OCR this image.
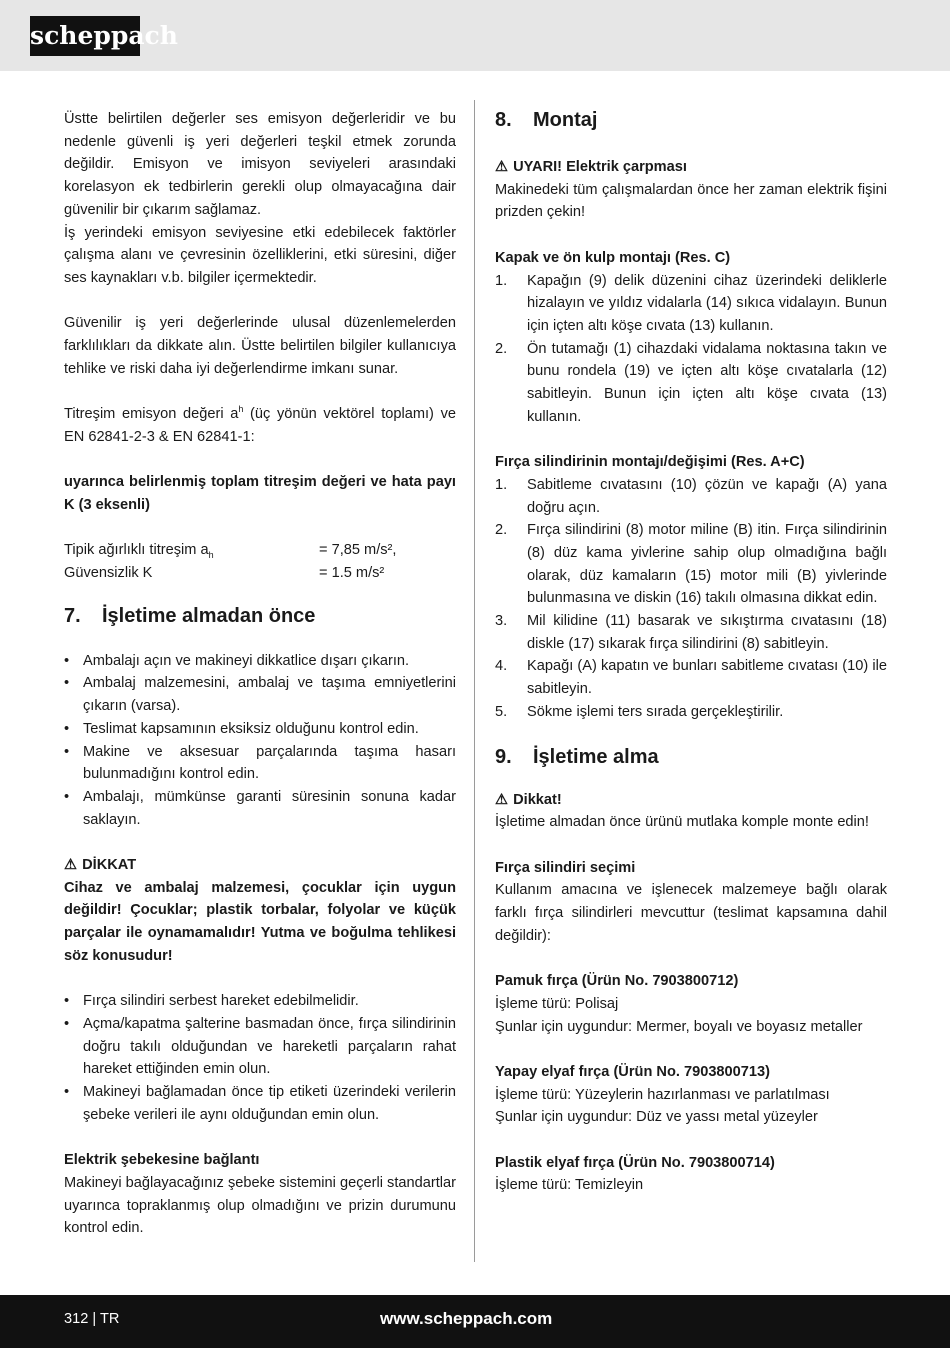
scheppach

Üstte belirtilen değerler ses emisyon değerleridir ve bu nedenle güvenli iş yeri değerleri teşkil etmek zorunda değildir. Emisyon ve imisyon seviyeleri arasındaki korelasyon ek tedbirlerin gerekli olup olmayacağına dair güvenilir bir çıkarım sağlamaz.

İş yerindeki emisyon seviyesine etki edebilecek faktörler çalışma alanı ve çevresinin özelliklerini, etki süresini, diğer ses kaynakları v.b. bilgiler içermektedir.

Güvenilir iş yeri değerlerinde ulusal düzenlemelerden farklılıkları da dikkate alın. Üstte belirtilen bilgiler kullanıcıya tehlike ve riski daha iyi değerlendirme imkanı sunar.

Titreşim emisyon değeri $a^h$ (üç yönün vektörel toplamı) ve EN 62841-2-3 & EN 62841-1:

uyarınca belirlenmiş toplam titreşim değeri ve hata payı K (3 eksenli)

Tipik ağırlıklı titreşim $a_h$	= 7,85 m/s²,
Güvensizlik K	= 1.5 m/s²
7.	İşletime almadan önce
• Ambalajı açın ve makineyi dikkatlice dışarı çıkarın.
• Ambalaj malzemesini, ambalaj ve taşıma emniyetlerini çıkarın (varsa).
• Teslimat kapsamının eksiksiz olduğunu kontrol edin.
• Makine ve aksesuar parçalarında taşıma hasarı bulunmadığını kontrol edin.
• Ambalajı, mümkünse garanti süresinin sonuna kadar saklayın.

⚠ DİKKAT

Cihaz ve ambalaj malzemesi, çocuklar için uygun değildir! Çocuklar; plastik torbalar, folyolar ve küçük parçalar ile oynamamalıdır! Yutma ve boğulma tehlikesi söz konusudur!

• Fırça silindiri serbest hareket edebilmelidir.
• Açma/kapatma şalterine basmadan önce, fırça silindirinin doğru takılı olduğundan ve hareketli parçaların rahat hareket ettiğinden emin olun.
• Makineyi bağlamadan önce tip etiketi üzerindeki verilerin şebeke verileri ile aynı olduğundan emin olun.

Elektrik şebekesine bağlantı

Makineyi bağlayacağınız şebeke sistemini geçerli standartlar uyarınca topraklanmış olup olmadığını ve prizin durumunu kontrol edin.

8.	Montaj

⚠ UYARI! Elektrik çarpması

Makinedeki tüm çalışmalardan önce her zaman elektrik fişini prizden çekin!

Kapak ve ön kulp montajı (Res. C)

1.	Kapağın (9) delik düzenini cihaz üzerindeki deliklerle hizalayın ve yıldız vidalarla (14) sıkıca vidalayın. Bunun için içten altı köşe cıvata (13) kullanın.
2.	Ön tutamağı (1) cihazdaki vidalama noktasına takın ve bunu rondela (19) ve içten altı köşe cıvatalarla (12) sabitleyin. Bunun için içten altı köşe cıvata (13) kullanın.

Fırça silindirinin montajı/değişimi (Res. A+C)

1.	Sabitleme cıvatasını (10) çözün ve kapağı (A) yana doğru açın.
2.	Fırça silindirini (8) motor miline (B) itin. Fırça silindirinin (8) düz kama yivlerine sahip olup olmadığına bağlı olarak, düz kamaların (15) motor mili (B) yivlerinde bulunmasına ve diskin (16) takılı olmasına dikkat edin.
3.	Mil kilidine (11) basarak ve sıkıştırma cıvatasını (18) diskle (17) sıkarak fırça silindirini (8) sabitleyin.
4.	Kapağı (A) kapatın ve bunları sabitleme cıvatası (10) ile sabitleyin.
5.	Sökme işlemi ters sırada gerçekleştirilir.
9.	İşletime alma

⚠ Dikkat!

İşletime almadan önce ürünü mutlaka komple monte edin!

Fırça silindiri seçimi

Kullanım amacına ve işlenecek malzemeye bağlı olarak farklı fırça silindirleri mevcuttur (teslimat kapsamına dahil değildir):

Pamuk fırça (Ürün No. 7903800712)

İşleme türü: Polisaj

Şunlar için uygundur: Mermer, boyalı ve boyasız metaller

Yapay elyaf fırça (Ürün No. 7903800713)

İşleme türü: Yüzeylerin hazırlanması ve parlatılması

Şunlar için uygundur: Düz ve yassı metal yüzeyler

Plastik elyaf fırça (Ürün No. 7903800714)

İşleme türü: Temizleyin

312 | TR	www.scheppach.com
